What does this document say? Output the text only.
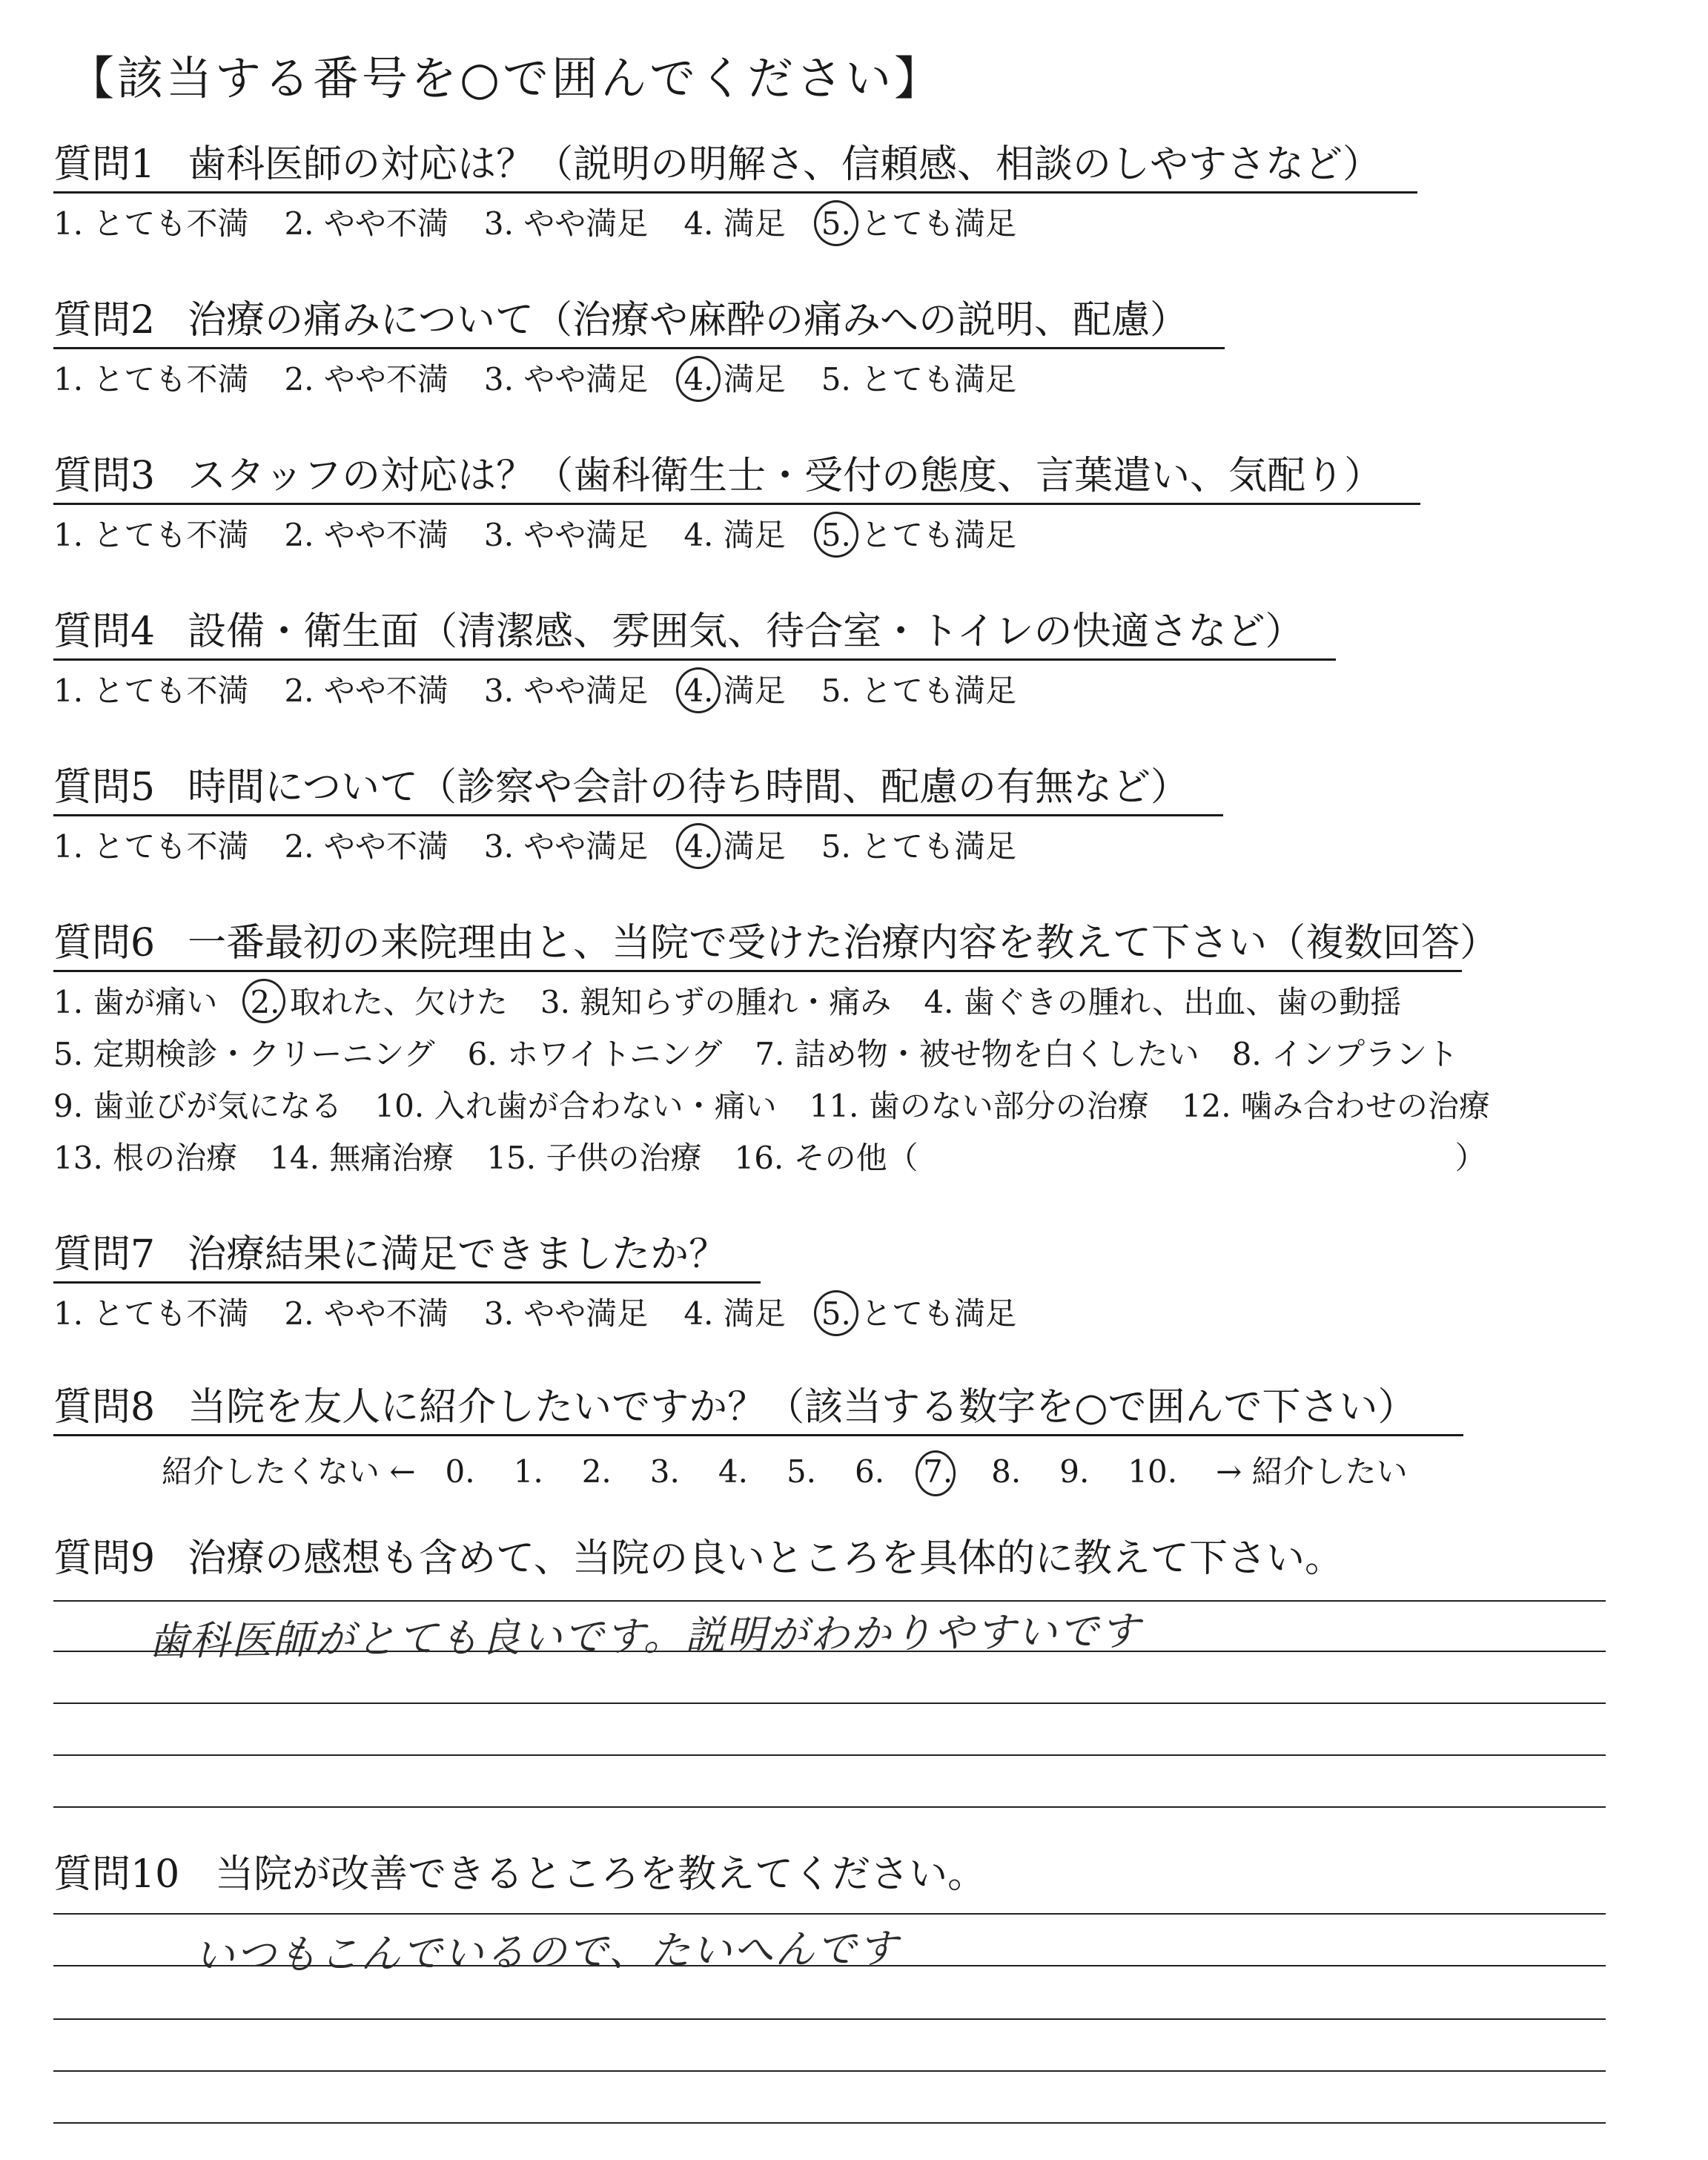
【該当する番号を○で囲んでください】
質問1 歯科医師の対応は？（説明の明解さ、信頼感、相談のしやすさなど）
1. とても不満 2. やや不満 3. やや満足 4. 満足 5. とても満足
質問2 治療の痛みについて（治療や麻酔の痛みへの説明、配慮）
1. とても不満 2. やや不満 3. やや満足 4. 満足 5. とても満足
質問3 スタッフの対応は？（歯科衛生士・受付の態度、言葉遣い、気配り）
1. とても不満 2. やや不満 3. やや満足 4. 満足 5. とても満足
質問4 設備・衛生面（清潔感、雰囲気、待合室・トイレの快適さなど）
1. とても不満 2. やや不満 3. やや満足 4. 満足 5. とても満足
質問5 時間について（診察や会計の待ち時間、配慮の有無など）
1. とても不満 2. やや不満 3. やや満足 4. 満足 5. とても満足
質問6 一番最初の来院理由と、当院で受けた治療内容を教えて下さい（複数回答）
1. 歯が痛い 2. 取れた、欠けた 3. 親知らずの腫れ・痛み 4. 歯ぐきの腫れ、出血、歯の動揺
5. 定期検診・クリーニング 6. ホワイトニング 7. 詰め物・被せ物を白くしたい 8. インプラント
9. 歯並びが気になる 10. 入れ歯が合わない・痛い 11. 歯のない部分の治療 12. 噛み合わせの治療
13. 根の治療 14. 無痛治療 15. 子供の治療 16. その他（	）
質問7 治療結果に満足できましたか？
1. とても不満 2. やや不満 3. やや満足 4. 満足 5. とても満足
質問8 当院を友人に紹介したいですか？（該当する数字を○で囲んで下さい）
紹介したくない ← 0. 1. 2. 3. 4. 5. 6. 7. 8. 9. 10. → 紹介したい
質問9 治療の感想も含めて、当院の良いところを具体的に教えて下さい。
歯科医師がとても良いです。説明がわかりやすいです
質問10 当院が改善できるところを教えてください。
いつもこんでいるので、たいへんです
